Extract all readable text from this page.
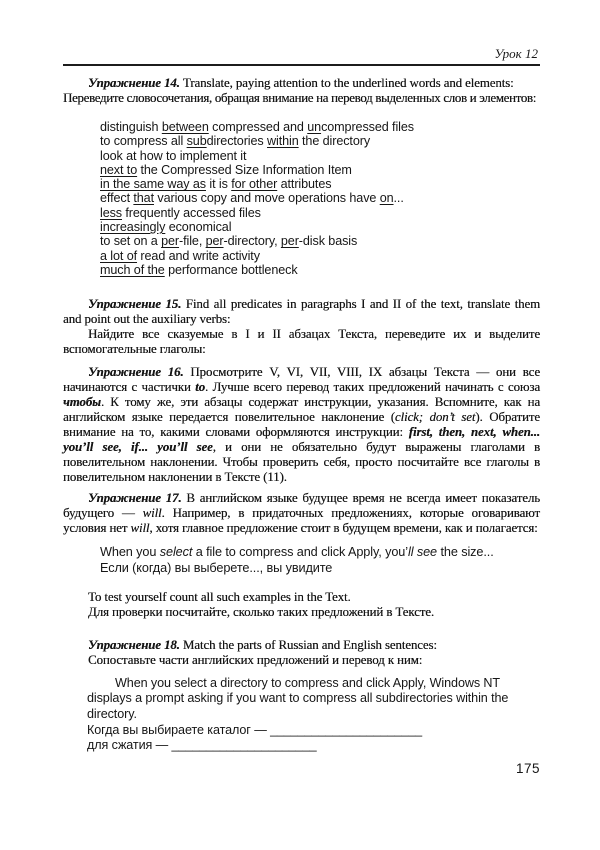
Урок 12

Упражнение 14. Translate, paying attention to the underlined words and elements:

Переведите словосочетания, обращая внимание на перевод выделенных слов и элементов:

distinguish between compressed and uncompressed files
to compress all subdirectories within the directory
look at how to implement it
next to the Compressed Size Information Item
in the same way as it is for other attributes
effect that various copy and move operations have on...
less frequently accessed files
increasingly economical
to set on a per-file, per-directory, per-disk basis
a lot of read and write activity
much of the performance bottleneck

Упражнение 15. Find all predicates in paragraphs I and II of the text, translate them and point out the auxiliary verbs:

Найдите все сказуемые в I и II абзацах Текста, переведите их и выделите вспомогательные глаголы:

Упражнение 16. Просмотрите V, VI, VII, VIII, IX абзацы Текста — они все начинаются с частички to. Лучше всего перевод таких предложений начинать с союза чтобы. К тому же, эти абзацы содержат инструкции, указания. Вспомните, как на английском языке передается повелительное наклонение (click; don’t set). Обратите внимание на то, какими словами оформляются инструкции: first, then, next, when... you’ll see, if... you’ll see, и они не обязательно будут выражены глаголами в повелительном наклонении. Чтобы проверить себя, просто посчитайте все глаголы в повелительном наклонении в Тексте (11).

Упражнение 17. В английском языке будущее время не всегда имеет показатель будущего — will. Например, в придаточных предложениях, которые оговаривают условия нет will, хотя главное предложение стоит в будущем времени, как и полагается:

When you select a file to compress and click Apply, you’ll see the size...
Если (когда) вы выберете..., вы увидите

To test yourself count all such examples in the Text.

Для проверки посчитайте, сколько таких предложений в Тексте.

Упражнение 18. Match the parts of Russian and English sentences:

Сопоставьте части английских предложений и перевод к ним:

When you select a directory to compress and click Apply, Windows NT displays a prompt asking if you want to compress all subdirectories within the directory.

Когда вы выбираете каталог — ______________________

для сжатия — _____________________

175
